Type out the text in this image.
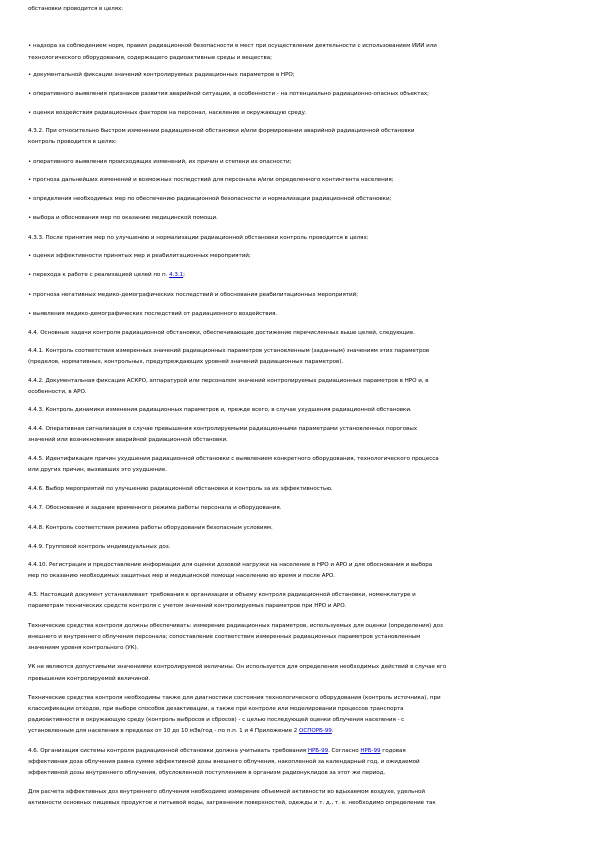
обстановки проводится в целях:
• надзора за соблюдением норм, правил радиационной безопасности в мест при осуществлении деятельности с использованием ИИИ или
технологического оборудования, содержащего радиоактивные среды и вещества;
• документальной фиксации значений контролируемых радиационных параметров в НРО;
• оперативного выявления признаков развития аварийной ситуации, в особенности - на потенциально радиационно-опасных объектах;
• оценки воздействия радиационных факторов на персонал, население и окружающую среду.
4.3.2. При относительно быстром изменении радиационной обстановки и/или формировании аварийной радиационной обстановки
контроль проводится в целях:
• оперативного выявления происходящих изменений, их причин и степени их опасности;
• прогноза дальнейших изменений и возможных последствий для персонала и/или определенного контингента населения;
• определения необходимых мер по обеспечению радиационной безопасности и нормализации радиационной обстановки;
• выбора и обоснования мер по оказанию медицинской помощи.
4.3.3. После принятия мер по улучшению и нормализации радиационной обстановки контроль проводится в целях:
• оценки эффективности принятых мер и реабилитационных мероприятий;
• перехода к работе с реализацией целей по п. 4.3.1;
• прогноза негативных медико-демографических последствий и обоснования реабилитационных мероприятий;
• выявления медико-демографических последствий от радиационного воздействия.
4.4. Основные задачи контроля радиационной обстановки, обеспечивающие достижение перечисленных выше целей, следующие.
4.4.1. Контроль соответствия измеренных значений радиационных параметров установленным (заданным) значениям этих параметров
(пределов, нормативных, контрольных, предупреждающих уровней значений радиационных параметров).
4.4.2. Документальная фиксация АСКРО, аппаратурой или персоналом значений контролируемых радиационных параметров в НРО и, в
особенности, в АРО.
4.4.3. Контроль динамики изменения радиационных параметров и, прежде всего, в случае ухудшения радиационной обстановки.
4.4.4. Оперативная сигнализация в случае превышения контролируемыми радиационными параметрами установленных пороговых
значений или возникновения аварийной радиационной обстановки.
4.4.5. Идентификация причин ухудшения радиационной обстановки с выявлением конкретного оборудования, технологического процесса
или других причин, вызвавших это ухудшение.
4.4.6. Выбор мероприятий по улучшению радиационной обстановки и контроль за их эффективностью.
4.4.7. Обоснование и задание временного режима работы персонала и оборудования.
4.4.8. Контроль соответствия режима работы оборудования безопасным условиям.
4.4.9. Групповой контроль индивидуальных доз.
4.4.10. Регистрация и предоставление информации для оценки дозовой нагрузки на население в НРО и АРО и для обоснования и выбора
мер по оказанию необходимых защитных мер и медицинской помощи населению во время и после АРО.
4.5. Настоящий документ устанавливает требования к организации и объему контроля радиационной обстановки, номенклатуре и
параметрам технических средств контроля с учетом значений контролируемых параметров при НРО и АРО.
Технические средства контроля должны обеспечивать: измерение радиационных параметров, используемых для оценки (определения) доз
внешнего и внутреннего облучения персонала; сопоставление соответствия измеренных радиационных параметров установленным
значениям уровня контрольного (УК).
УК не являются допустимыми значениями контролируемой величины. Он используется для определения необходимых действий в случае его
превышения контролируемой величиной.
Технические средства контроля необходимы также для диагностики состояния технологического оборудования (контроль источника), при
классификации отходов, при выборе способов дезактивации, а также при контроле или моделировании процессов транспорта
радиоактивности в окружающую среду (контроль выбросов и сбросов) - с целью последующей оценки облучения населения - с
установленным для населения в пределах от 10 до 10 мЗв/год - по п.п. 1 и 4 Приложение 2 ОСПОРБ-99.
4.6. Организация системы контроля радиационной обстановки должна учитывать требования НРБ-99. Согласно НРБ-99 годовая
эффективная доза облучения равна сумме эффективной дозы внешнего облучения, накопленной за календарный год, и ожидаемой
эффективной дозы внутреннего облучения, обусловленной поступлением в организм радионуклидов за этот же период.
Для расчета эффективных доз внутреннего облучения необходимо измерение объемной активности во вдыхаемом воздухе, удельной
активности основных пищевых продуктов и питьевой воды, загрязнения поверхностей, одежды и т. д., т. е. необходимо определение так
